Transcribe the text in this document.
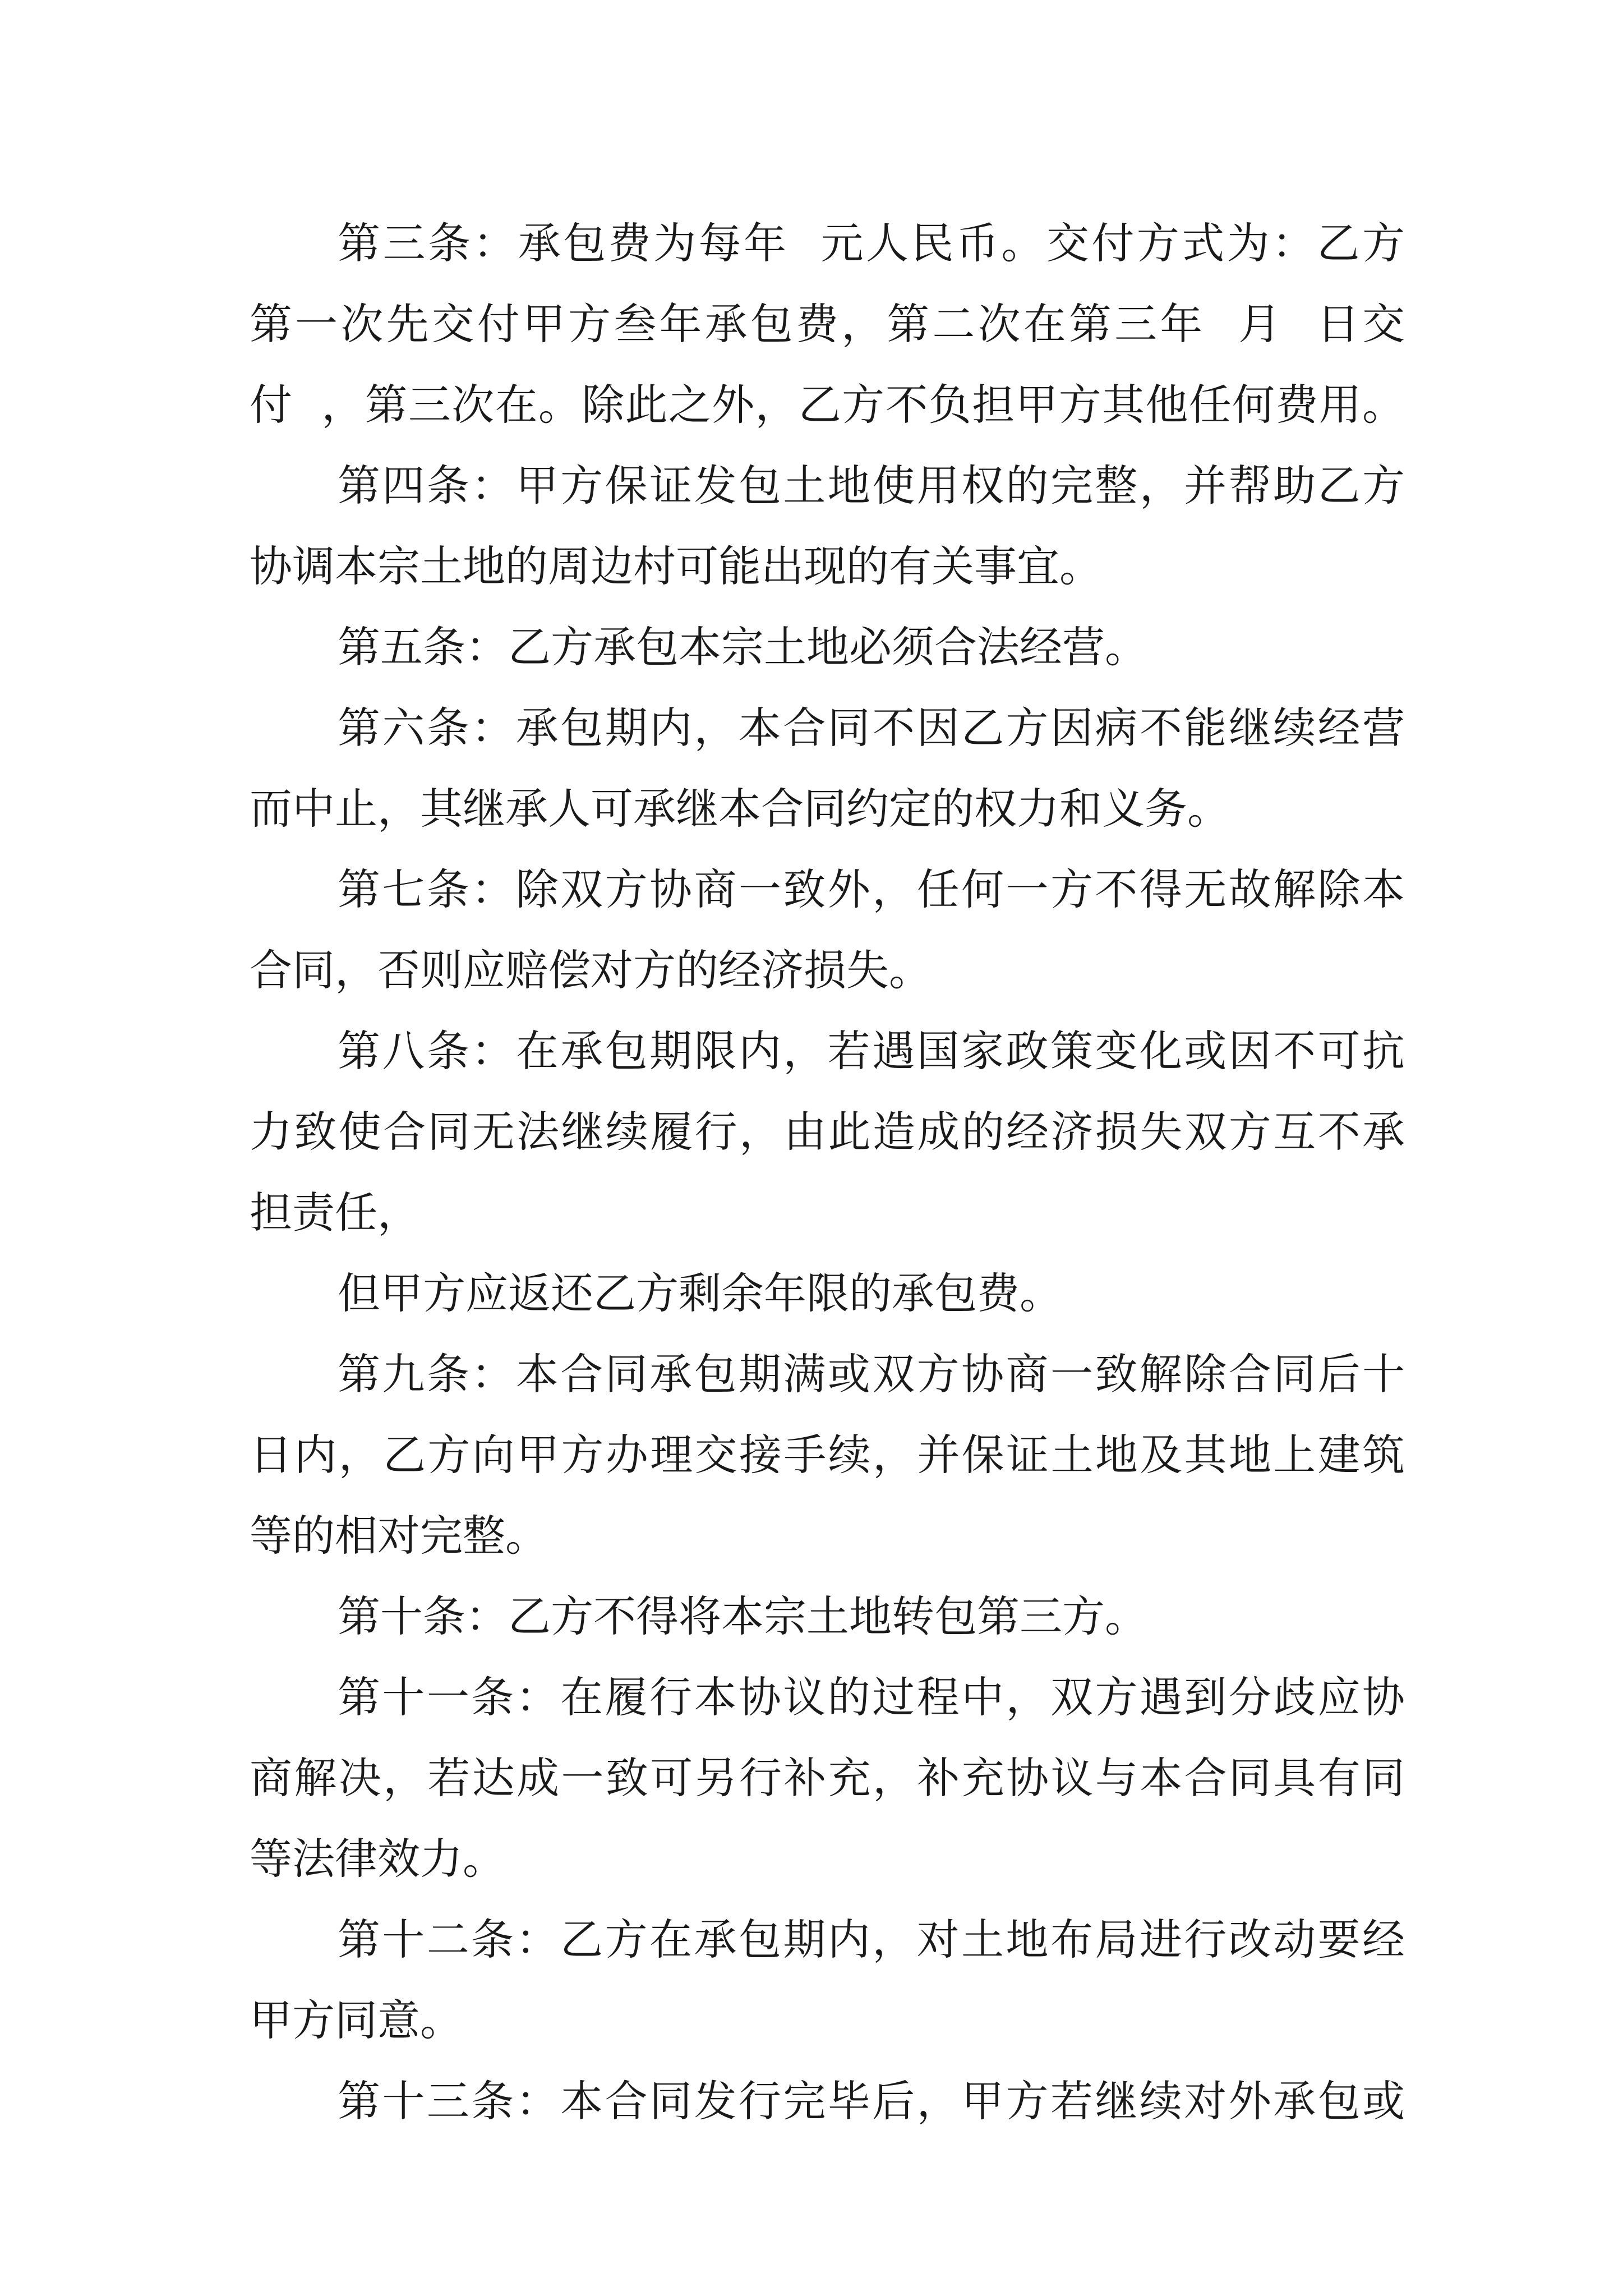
第三条：承包费为每年  元人民币。交付方式为：乙方
第一次先交付甲方叁年承包费，第二次在第三年  月  日交
付  ，第三次在。除此之外，乙方不负担甲方其他任何费用。
第四条：甲方保证发包土地使用权的完整，并帮助乙方
协调本宗土地的周边村可能出现的有关事宜。
第五条：乙方承包本宗土地必须合法经营。
第六条：承包期内，本合同不因乙方因病不能继续经营
而中止，其继承人可承继本合同约定的权力和义务。
第七条：除双方协商一致外，任何一方不得无故解除本
合同，否则应赔偿对方的经济损失。
第八条：在承包期限内，若遇国家政策变化或因不可抗
力致使合同无法继续履行，由此造成的经济损失双方互不承
担责任，
但甲方应返还乙方剩余年限的承包费。
第九条：本合同承包期满或双方协商一致解除合同后十
日内，乙方向甲方办理交接手续，并保证土地及其地上建筑
等的相对完整。
第十条：乙方不得将本宗土地转包第三方。
第十一条：在履行本协议的过程中，双方遇到分歧应协
商解决，若达成一致可另行补充，补充协议与本合同具有同
等法律效力。
第十二条：乙方在承包期内，对土地布局进行改动要经
甲方同意。
第十三条：本合同发行完毕后，甲方若继续对外承包或
